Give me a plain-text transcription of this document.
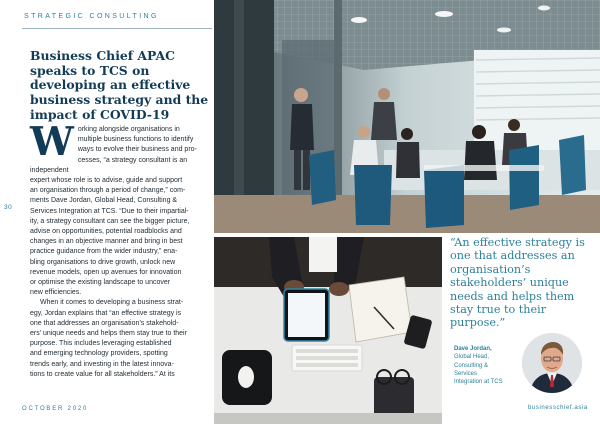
STRATEGIC CONSULTING
Business Chief APAC speaks to TCS on developing an effective business strategy and the impact of COVID-19
30

W orking alongside organisations in
multiple business functions to identify
ways to evolve their business and pro-
cesses, “a strategy consultant is an independent
expert whose role is to advise, guide and support
an organisation through a period of change,” com-
ments Dave Jordan, Global Head, Consulting &
Services Integration at TCS. “Due to their impartial-
ity, a strategy consultant can see the bigger picture,
advise on opportunities, potential roadblocks and
changes in an objective manner and bring in best
practice guidance from the wider industry,” ena-
bling organisations to drive growth, unlock new
revenue models, open up avenues for innovation
or optimise the existing landscape to uncover
new efficiencies.

When it comes to developing a business strat-
egy, Jordan explains that “an effective strategy is
one that addresses an organisation’s stakehold-
ers’ unique needs and helps them stay true to their
purpose. This includes leveraging established
and emerging technology providers, spotting
trends early, and investing in the latest innova-
tions to create value for all stakeholders.” At its

OCTOBER 2020	businesschief.asia

“An effective strategy is one that addresses an organisation’s stakeholders’ unique needs and helps them stay true to their purpose.”

Dave Jordan,
Global Head,
Consulting &
Services
Integration at TCS
